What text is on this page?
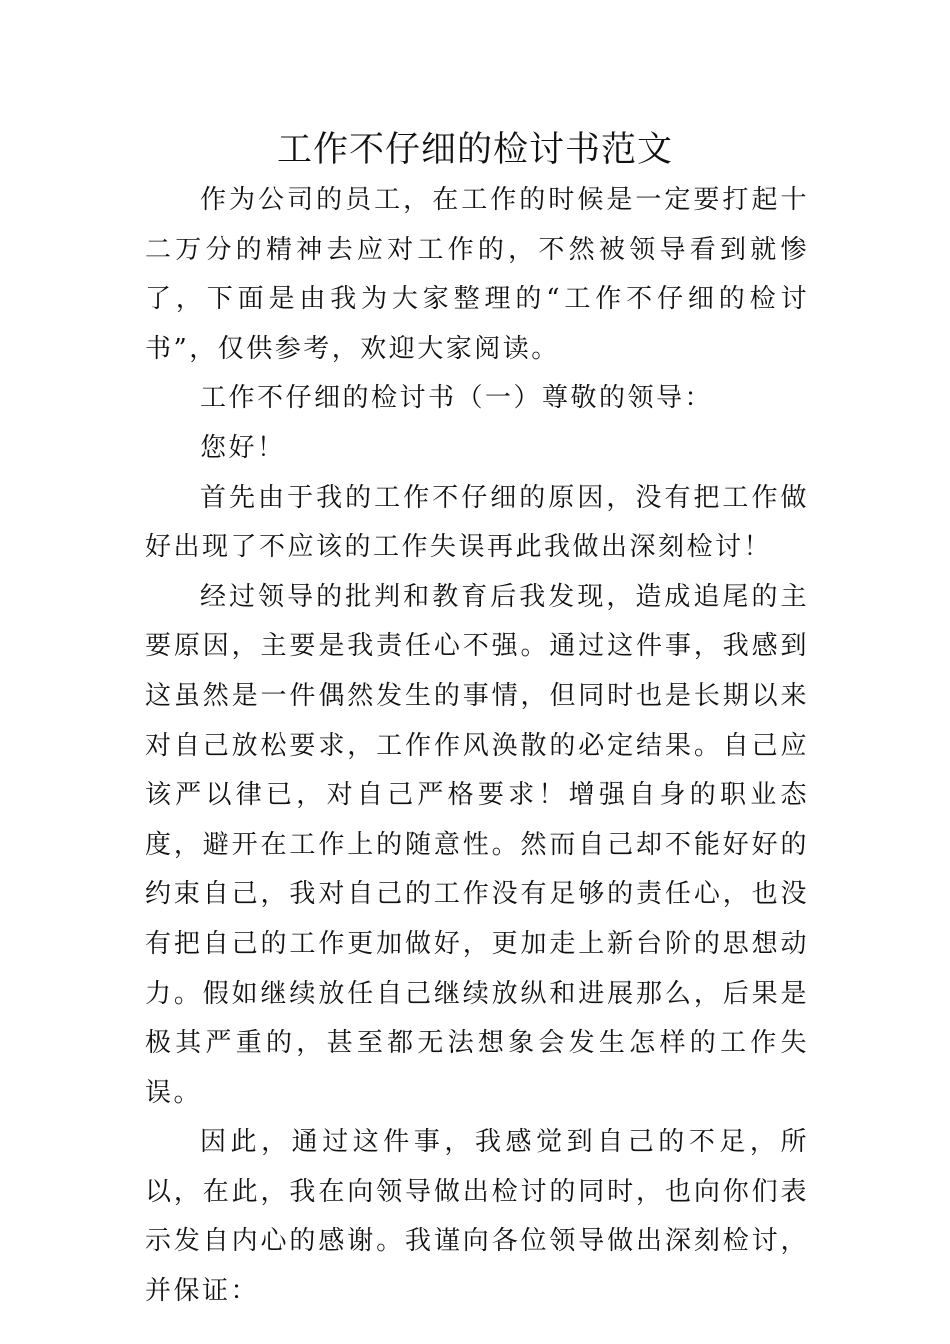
工作不仔细的检讨书范文

作为公司的员工，在工作的时候是一定要打起十二万分的精神去应对工作的，不然被领导看到就惨了，下面是由我为大家整理的“工作不仔细的检讨书”，仅供参考，欢迎大家阅读。

工作不仔细的检讨书（一）尊敬的领导：

您好！

首先由于我的工作不仔细的原因，没有把工作做好出现了不应该的工作失误再此我做出深刻检讨！

经过领导的批判和教育后我发现，造成追尾的主要原因，主要是我责任心不强。通过这件事，我感到这虽然是一件偶然发生的事情，但同时也是长期以来对自己放松要求，工作作风涣散的必定结果。自己应该严以律已，对自己严格要求！增强自身的职业态度，避开在工作上的随意性。然而自己却不能好好的约束自己，我对自己的工作没有足够的责任心，也没有把自己的工作更加做好，更加走上新台阶的思想动力。假如继续放任自己继续放纵和进展那么，后果是极其严重的，甚至都无法想象会发生怎样的工作失误。

因此，通过这件事，我感觉到自己的不足，所以，在此，我在向领导做出检讨的同时，也向你们表示发自内心的感谢。我谨向各位领导做出深刻检讨，并保证：
